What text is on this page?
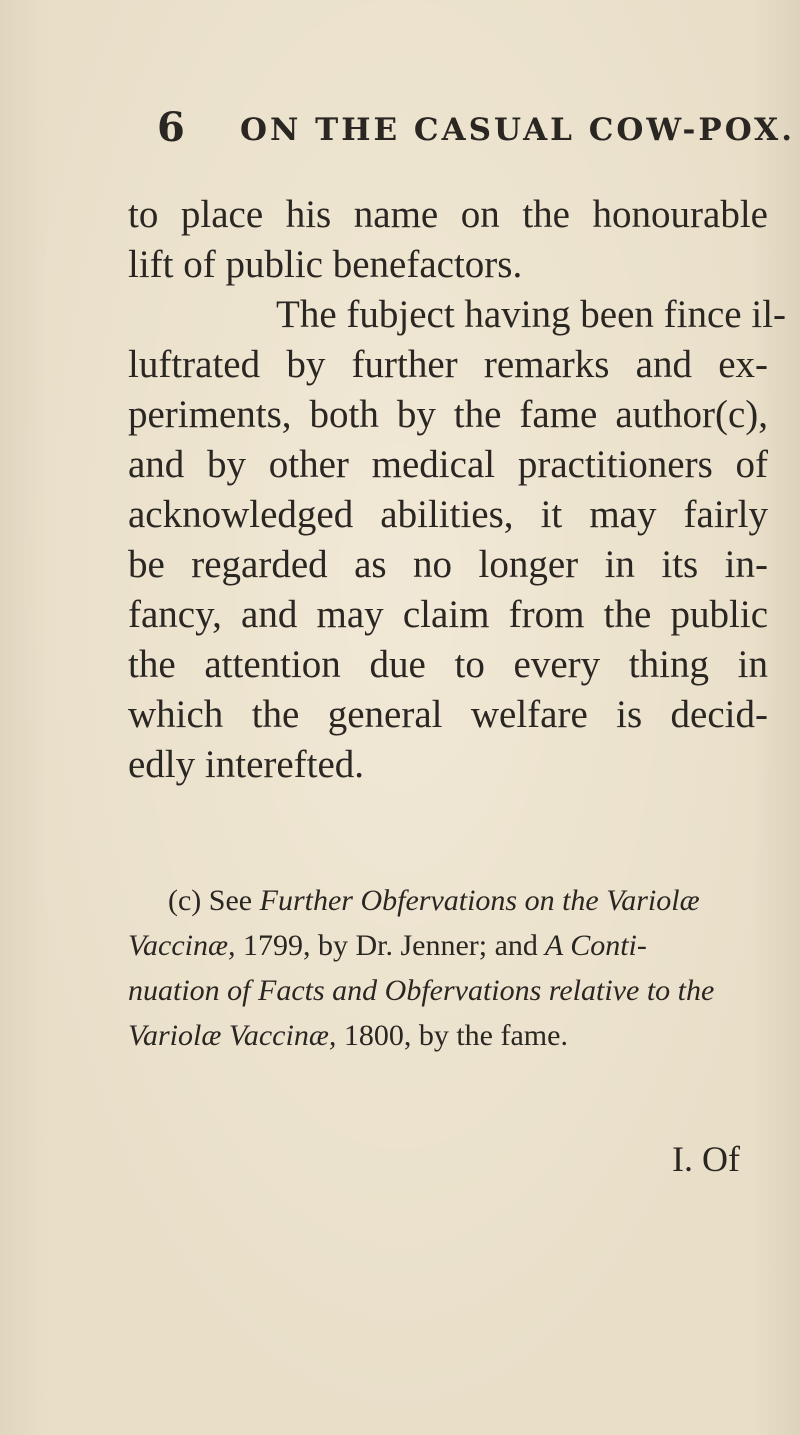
6 ON THE CASUAL COW-POX.
to place his name on the honourable
lift of public benefactors.
The fubject having been fince il-
luftrated by further remarks and ex-
periments, both by the fame author(c),
and by other medical practitioners of
acknowledged abilities, it may fairly
be regarded as no longer in its in-
fancy, and may claim from the public
the attention due to every thing in
which the general welfare is decid-
edly interefted.
(c) See Further Obfervations on the Variolæ
Vaccinæ, 1799, by Dr. Jenner; and A Conti-
nuation of Facts and Obfervations relative to the
Variolæ Vaccinæ, 1800, by the fame.
I. Of
